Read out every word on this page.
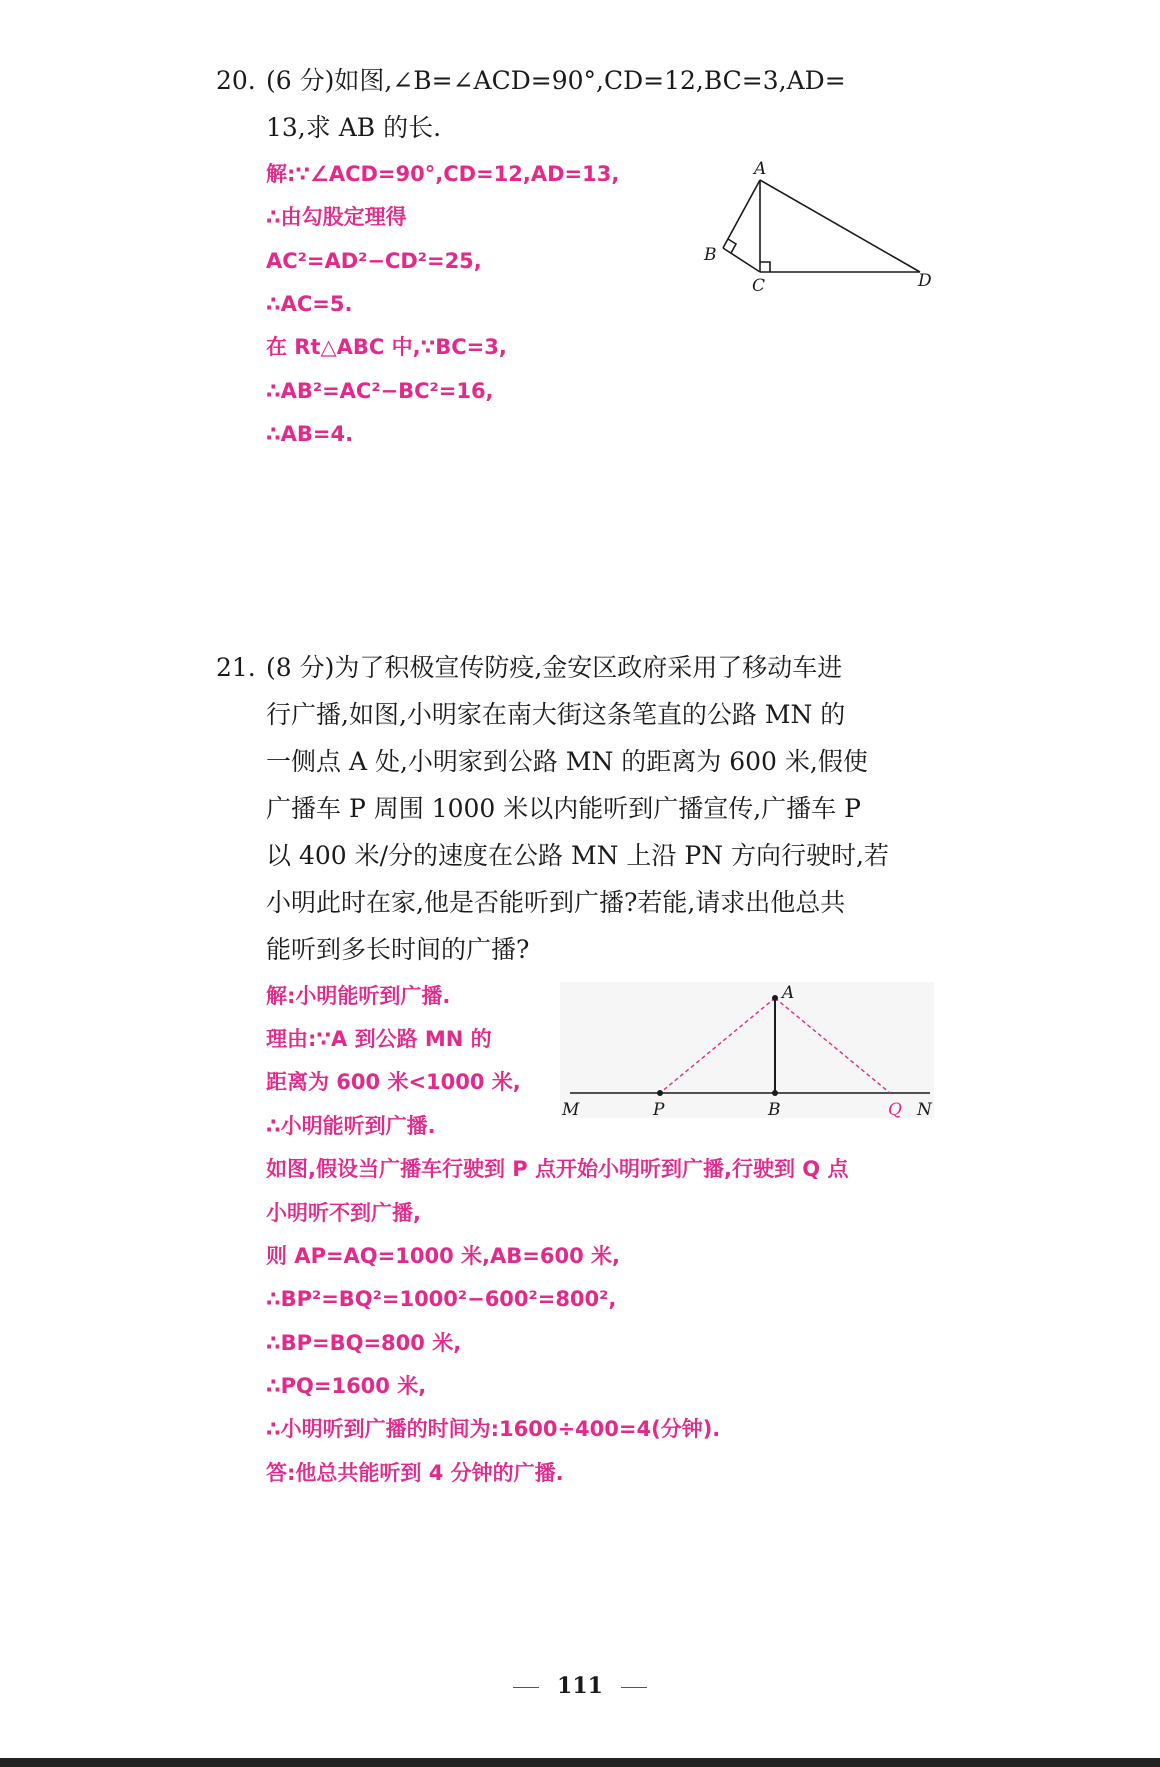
20. (6 分)如图,∠B=∠ACD=90°,CD=12,BC=3,AD=
13,求 AB 的长.
解:∵∠ACD=90°,CD=12,AD=13,
∴由勾股定理得
AC²=AD²−CD²=25,
∴AC=5.
在 Rt△ABC 中,∵BC=3,
∴AB²=AC²−BC²=16,
∴AB=4.
A
B
C	D
21. (8 分)为了积极宣传防疫,金安区政府采用了移动车进
行广播,如图,小明家在南大街这条笔直的公路 MN 的
一侧点 A 处,小明家到公路 MN 的距离为 600 米,假使
广播车 P 周围 1000 米以内能听到广播宣传,广播车 P
以 400 米/分的速度在公路 MN 上沿 PN 方向行驶时,若
小明此时在家,他是否能听到广播?若能,请求出他总共
能听到多长时间的广播?
解:小明能听到广播.
理由:∵A 到公路 MN 的
距离为 600 米<1000 米,
∴小明能听到广播.
A
M	P	B	Q N
如图,假设当广播车行驶到 P 点开始小明听到广播,行驶到 Q 点
小明听不到广播,
则 AP=AQ=1000 米,AB=600 米,
∴BP²=BQ²=1000²−600²=800²,
∴BP=BQ=800 米,
∴PQ=1600 米,
∴小明听到广播的时间为:1600÷400=4(分钟).
答:他总共能听到 4 分钟的广播.
111
